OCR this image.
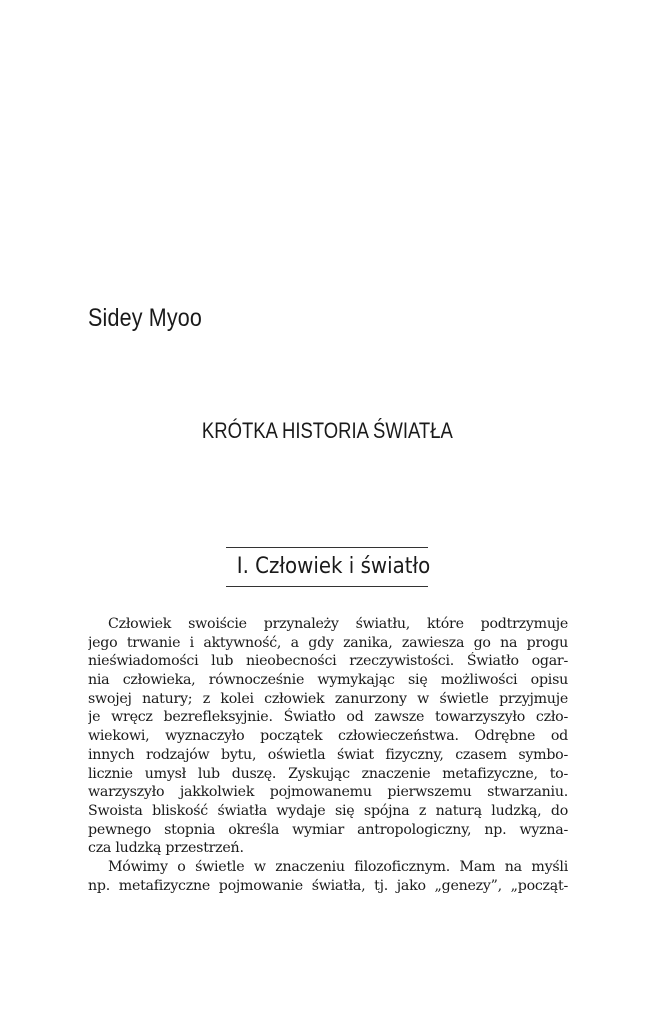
Sidey Myoo
KRÓTKA HISTORIA ŚWIATŁA
I. Człowiek i światło
Człowiek swoiście przynależy światłu, które podtrzymuje
jego trwanie i aktywność, a gdy zanika, zawiesza go na progu
nieświadomości lub nieobecności rzeczywistości. Światło ogar-
nia człowieka, równocześnie wymykając się możliwości opisu
swojej natury; z kolei człowiek zanurzony w świetle przyjmuje
je wręcz bezrefleksyjnie. Światło od zawsze towarzyszyło czło-
wiekowi, wyznaczyło początek człowieczeństwa. Odrębne od
innych rodzajów bytu, oświetla świat fizyczny, czasem symbo-
licznie umysł lub duszę. Zyskując znaczenie metafizyczne, to-
warzyszyło jakkolwiek pojmowanemu pierwszemu stwarzaniu.
Swoista bliskość światła wydaje się spójna z naturą ludzką, do
pewnego stopnia określa wymiar antropologiczny, np. wyzna-
cza ludzką przestrzeń.
Mówimy o świetle w znaczeniu filozoficznym. Mam na myśli
np. metafizyczne pojmowanie światła, tj. jako „genezy”, „począt-
